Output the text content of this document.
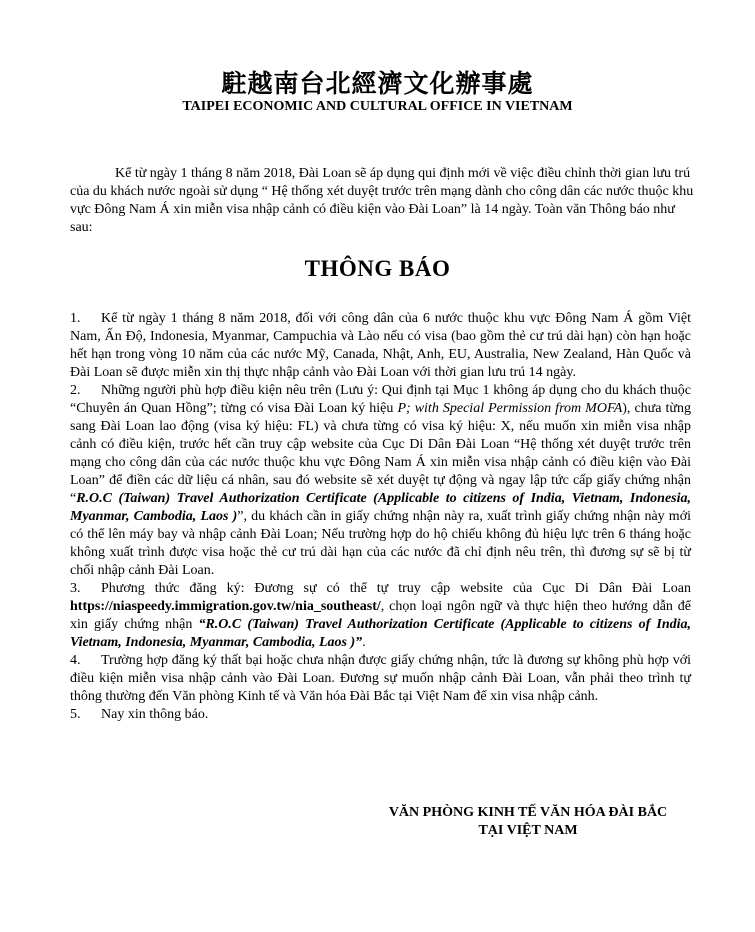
駐越南台北經濟文化辦事處
TAIPEI ECONOMIC AND CULTURAL OFFICE IN VIETNAM

Kể từ ngày 1 tháng 8 năm 2018, Đài Loan sẽ áp dụng qui định mới về việc điều chỉnh thời gian lưu trú của du khách nước ngoài sử dụng “ Hệ thống xét duyệt trước trên mạng dành cho công dân các nước thuộc khu vực Đông Nam Á xin miễn visa nhập cảnh có điều kiện vào Đài Loan” là 14 ngày. Toàn văn Thông báo như sau:

THÔNG BÁO

1. Kể từ ngày 1 tháng 8 năm 2018, đối với công dân của 6 nước thuộc khu vực Đông Nam Á gồm Việt Nam, Ấn Độ, Indonesia, Myanmar, Campuchia và Lào nếu có visa (bao gồm thẻ cư trú dài hạn) còn hạn hoặc hết hạn trong vòng 10 năm của các nước Mỹ, Canada, Nhật, Anh, EU, Australia, New Zealand, Hàn Quốc và Đài Loan sẽ được miễn xin thị thực nhập cảnh vào Đài Loan với thời gian lưu trú 14 ngày.

2. Những người phù hợp điều kiện nêu trên (Lưu ý: Qui định tại Mục 1 không áp dụng cho du khách thuộc “Chuyên án Quan Hồng”; từng có visa Đài Loan ký hiệu P; with Special Permission from MOFA), chưa từng sang Đài Loan lao động (visa ký hiệu: FL) và chưa từng có visa ký hiệu: X, nếu muốn xin miễn visa nhập cảnh có điều kiện, trước hết cần truy cập website của Cục Di Dân Đài Loan “Hệ thống xét duyệt trước trên mạng cho công dân của các nước thuộc khu vực Đông Nam Á xin miễn visa nhập cảnh có điều kiện vào Đài Loan” để điền các dữ liệu cá nhân, sau đó website sẽ xét duyệt tự động và ngay lập tức cấp giấy chứng nhận “R.O.C (Taiwan) Travel Authorization Certificate (Applicable to citizens of India, Vietnam, Indonesia, Myanmar, Cambodia, Laos )”, du khách cần in giấy chứng nhận này ra, xuất trình giấy chứng nhận này mới có thể lên máy bay và nhập cảnh Đài Loan; Nếu trường hợp do hộ chiếu không đủ hiệu lực trên 6 tháng hoặc không xuất trình được visa hoặc thẻ cư trú dài hạn của các nước đã chỉ định nêu trên, thì đương sự sẽ bị từ chối nhập cảnh Đài Loan.

3. Phương thức đăng ký: Đương sự có thể tự truy cập website của Cục Di Dân Đài Loan https://niaspeedy.immigration.gov.tw/nia_southeast/, chọn loại ngôn ngữ và thực hiện theo hướng dẫn để xin giấy chứng nhận “R.O.C (Taiwan) Travel Authorization Certificate (Applicable to citizens of India, Vietnam, Indonesia, Myanmar, Cambodia, Laos )”.

4. Trường hợp đăng ký thất bại hoặc chưa nhận được giấy chứng nhận, tức là đương sự không phù hợp với điều kiện miễn visa nhập cảnh vào Đài Loan. Đương sự muốn nhập cảnh Đài Loan, vẫn phải theo trình tự thông thường đến Văn phòng Kinh tế và Văn hóa Đài Bắc tại Việt Nam để xin visa nhập cảnh.

5. Nay xin thông báo.

VĂN PHÒNG KINH TẾ VĂN HÓA ĐÀI BẮC
TẠI VIỆT NAM
